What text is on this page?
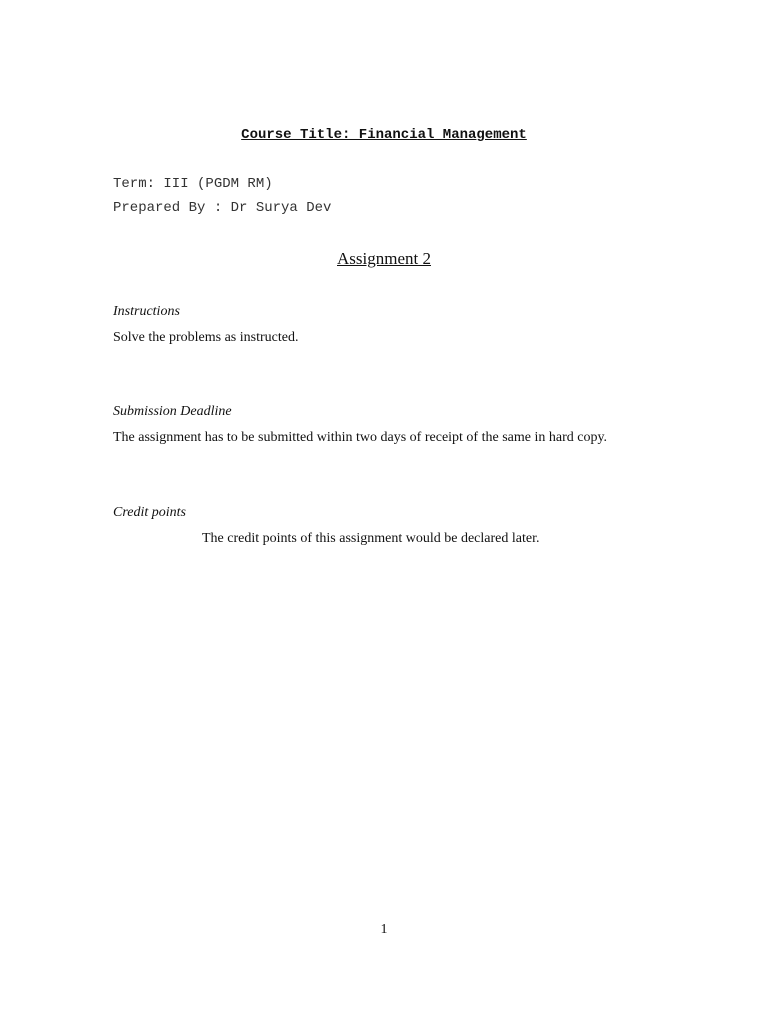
Course Title: Financial Management
Term: III (PGDM RM)
Prepared By : Dr Surya Dev
Assignment 2
Instructions
Solve the problems as instructed.
Submission Deadline
The assignment has to be submitted within two days of receipt of the same in hard copy.
Credit points
The credit points of this assignment would be declared later.
1
